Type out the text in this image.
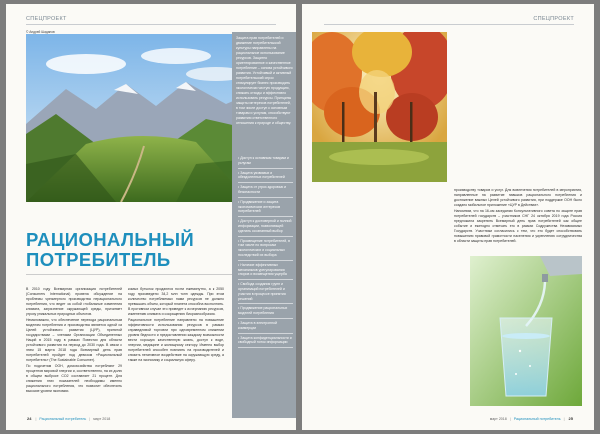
СПЕЦПРОЕКТ
© Андрей Шаданов
РАЦИОНАЛЬНЫЙ ПОТРЕБИТЕЛЬ

В 2010 году Всемирная организация потребителей (Consumers International) провела обсуждение на проблемы чрезмерного производства нерационального потребления, что ведет за собой глобальные изменения климата, загрязнение окружающей среды, причиняет угрозу уникальных природных объектов.

Немаловажно, что обеспечение перехода рациональным моделям потребления и производства является одной из Целей устойчивого развития (ЦУР), принятой государствами – членами Организации Объединенных Наций в 2015 году в рамках Повестки дня области устойчивого развития на период до 2030 года. В связи с этим 15 марта 2018 года Всемирный день прав потребителей пройдет под девизом «Рациональный потребитель» (The Sustainable Consumer).

По подсчетам ООН, домохозяйства потребляют 29 процентов мировой энергии и, соответственно, на их долю в общем выбросе CO2 составляет 21 процент. Для снижения этих показателей необходимы именно рационального потребления, что позволит обеспечить высокие уровни экономии.

комых бутылок продаются почти ежеминутно, а к 2050 году произведено 34,2 млн тонн одежды. При этом количество потребляемых нами ресурсов не должно превышать объем, который планета способна восполнять. В противном случае это приведет к исчерпанию ресурсов, изменению климата и сокращению биоразнообразия.

Рациональное потребление направлено на повышение эффективности использования ресурсов в рамках справедливой торговли при одновременном снижении уровня бедности и предоставлении каждому возможности вести хорошую качественную жизнь, доступ к воде, энергии, медицине и жилищному сектору. Именно выбор потребителей способен повлиять на производителей и снизить негативное воздействие на окружающую среду, а также на экономику и социальную сферу.

Защита прав потребителей и движение потребительской культуры направлены на рациональное использование ресурсов. Защитно ориентированное и качественное потребление – основа устойчивого развития. Устойчивый и активный потребительский спрос стимулирует бизнес производить экологически чистую продукцию, снижать отходы и эффективно использовать ресурсы. Принципы защиты интересов потребителей, в том числе доступ к основным товарам и услугам, способствуют развитию ответственного отношения к природе и обществу.

• Доступ к основным товарам и услугам
• Защита уязвимых и обездоленных потребителей
• Защита от угроз здоровью и безопасности
• Продвижение и защита экономических интересов потребителей
• Доступ к достоверной и полной информации, позволяющей сделать осознанный выбор
• Просвещение потребителей, в том числе по вопросам экологических и социальных последствий их выбора
• Наличие эффективных механизмов урегулирования споров и возмещения ущерба
• Свобода создания групп и организаций потребителей и участия в процессе принятия решений
• Продвижение рациональных моделей потребления
• Защита в электронной коммерции
• Защита конфиденциальности и свободный поток информации
24 | Рациональный потребитель | март 2018
СПЕЦПРОЕКТ

производству товаров и услуг. Для вовлечения потребителей в мероприятия, направленные на развитие навыков рационального потребления и достижение важных Целей устойчивого развития, при поддержке ООН было создано мобильное приложение «ЦУР в Действии».

Напомним, что на 16-ом заседании Консультативного совета по защите прав потребителей государств – участников СНГ 24 октября 2019 года Россия предложила закрепить Всемирный день прав потребителей как общее событие и ежегодно отмечать его в рамках Содружества Независимых Государств. Участники согласились с тем, что это будет способствовать повышению правовой грамотности населения и укреплению сотрудничества в области защиты прав потребителей.

март 2018 | Рациональный потребитель | 25
